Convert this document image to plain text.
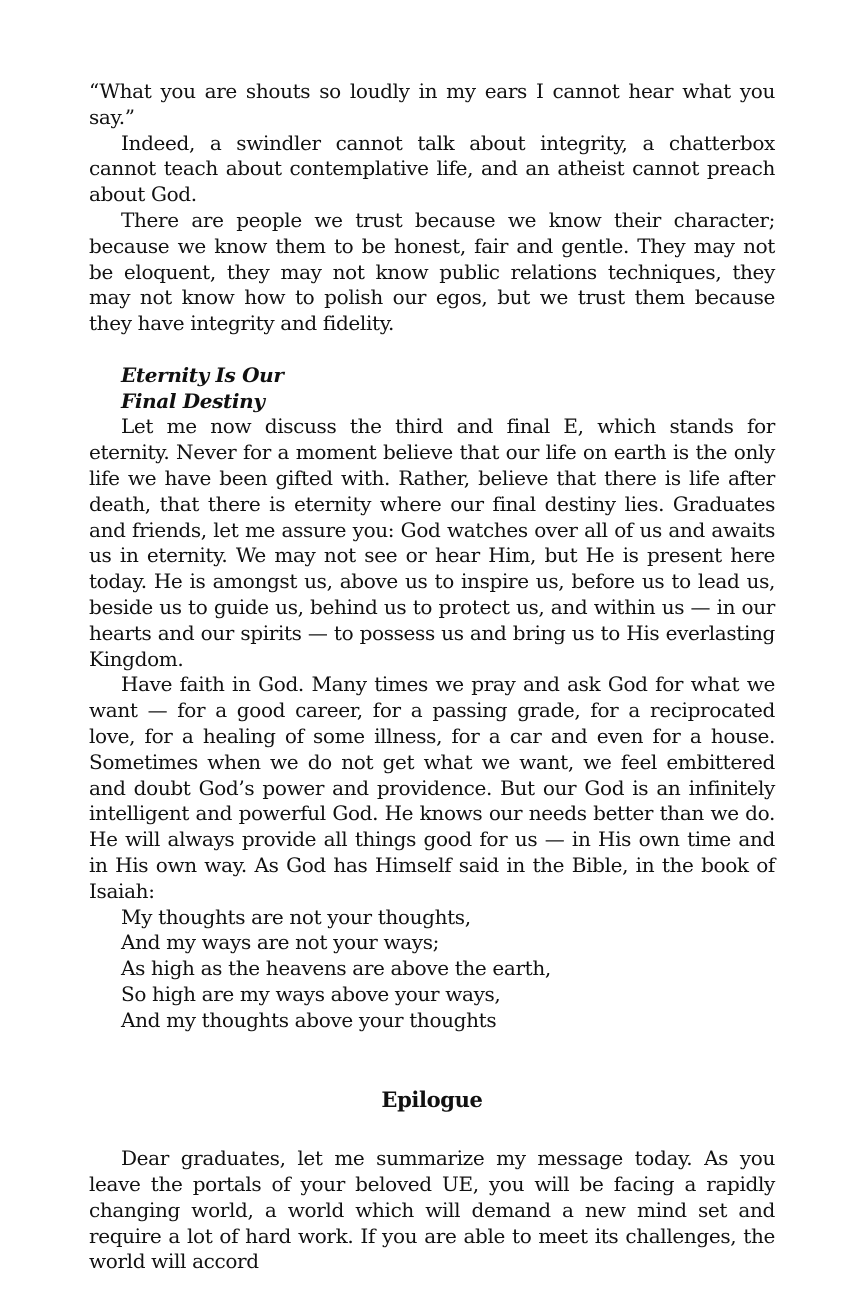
“What you are shouts so loudly in my ears I cannot hear what you say.”

Indeed, a swindler cannot talk about integrity, a chatterbox cannot teach about contemplative life, and an atheist cannot preach about God.

There are people we trust because we know their character; because we know them to be honest, fair and gentle. They may not be eloquent, they may not know public relations techniques, they may not know how to polish our egos, but we trust them because they have integrity and fidelity.

Eternity Is Our
Final Destiny

Let me now discuss the third and final E, which stands for eternity. Never for a moment believe that our life on earth is the only life we have been gifted with. Rather, believe that there is life after death, that there is eternity where our final destiny lies. Graduates and friends, let me assure you: God watches over all of us and awaits us in eternity. We may not see or hear Him, but He is present here today. He is amongst us, above us to inspire us, before us to lead us, beside us to guide us, behind us to protect us, and within us — in our hearts and our spirits — to possess us and bring us to His everlasting Kingdom.

Have faith in God. Many times we pray and ask God for what we want — for a good career, for a passing grade, for a reciprocated love, for a healing of some illness, for a car and even for a house. Sometimes when we do not get what we want, we feel embittered and doubt God’s power and providence. But our God is an infinitely intelligent and powerful God. He knows our needs better than we do. He will always provide all things good for us — in His own time and in His own way. As God has Himself said in the Bible, in the book of Isaiah:

My thoughts are not your thoughts,
And my ways are not your ways;
As high as the heavens are above the earth,
So high are my ways above your ways,
And my thoughts above your thoughts
Epilogue

Dear graduates, let me summarize my message today. As you leave the portals of your beloved UE, you will be facing a rapidly changing world, a world which will demand a new mind set and require a lot of hard work. If you are able to meet its challenges, the world will accord
